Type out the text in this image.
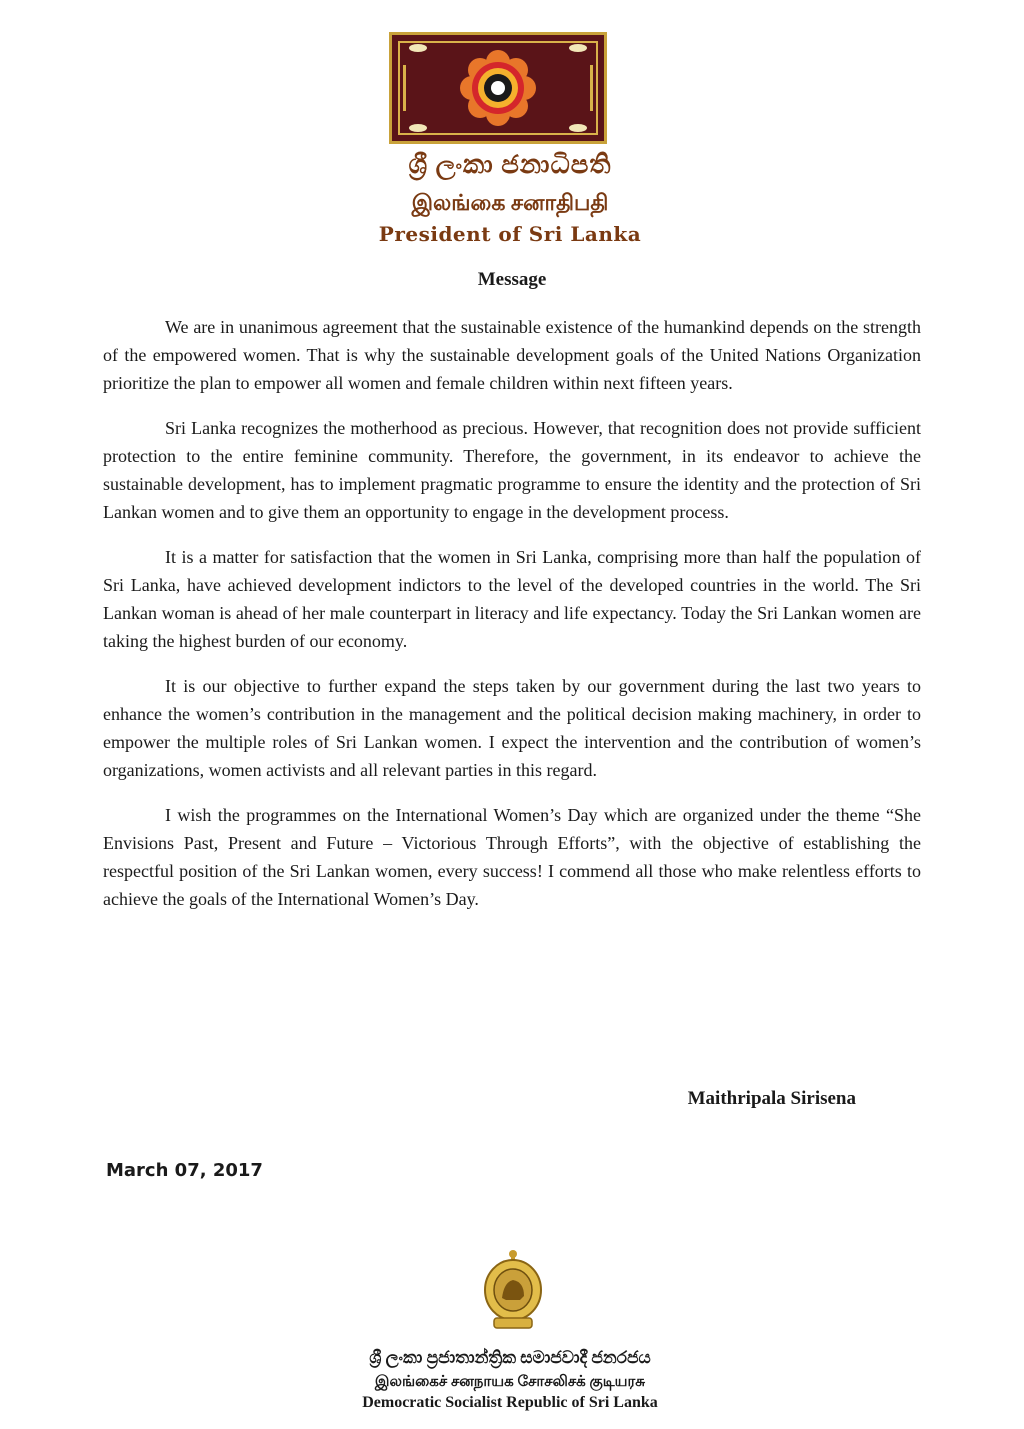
ශ්‍රී ලංකා ජනාධිපති
இலங்கை சனாதிபதி
President of Sri Lanka
Message

We are in unanimous agreement that the sustainable existence of the humankind depends on the strength of the empowered women. That is why the sustainable development goals of the United Nations Organization prioritize the plan to empower all women and female children within next fifteen years.

Sri Lanka recognizes the motherhood as precious. However, that recognition does not provide sufficient protection to the entire feminine community. Therefore, the government, in its endeavor to achieve the sustainable development, has to implement pragmatic programme to ensure the identity and the protection of Sri Lankan women and to give them an opportunity to engage in the development process.

It is a matter for satisfaction that the women in Sri Lanka, comprising more than half the population of Sri Lanka, have achieved development indictors to the level of the developed countries in the world. The Sri Lankan woman is ahead of her male counterpart in literacy and life expectancy. Today the Sri Lankan women are taking the highest burden of our economy.

It is our objective to further expand the steps taken by our government during the last two years to enhance the women’s contribution in the management and the political decision making machinery, in order to empower the multiple roles of Sri Lankan women. I expect the intervention and the contribution of women’s organizations, women activists and all relevant parties in this regard.

I wish the programmes on the International Women’s Day which are organized under the theme “She Envisions Past, Present and Future – Victorious Through Efforts”, with the objective of establishing the respectful position of the Sri Lankan women, every success! I commend all those who make relentless efforts to achieve the goals of the International Women’s Day.

Maithripala Sirisena
March 07, 2017
ශ්‍රී ලංකා ප්‍රජාතාන්ත්‍රික සමාජවාදී ජනරජය
இலங்கைச் சனநாயக சோசலிசக் குடியரசு
Democratic Socialist Republic of Sri Lanka
